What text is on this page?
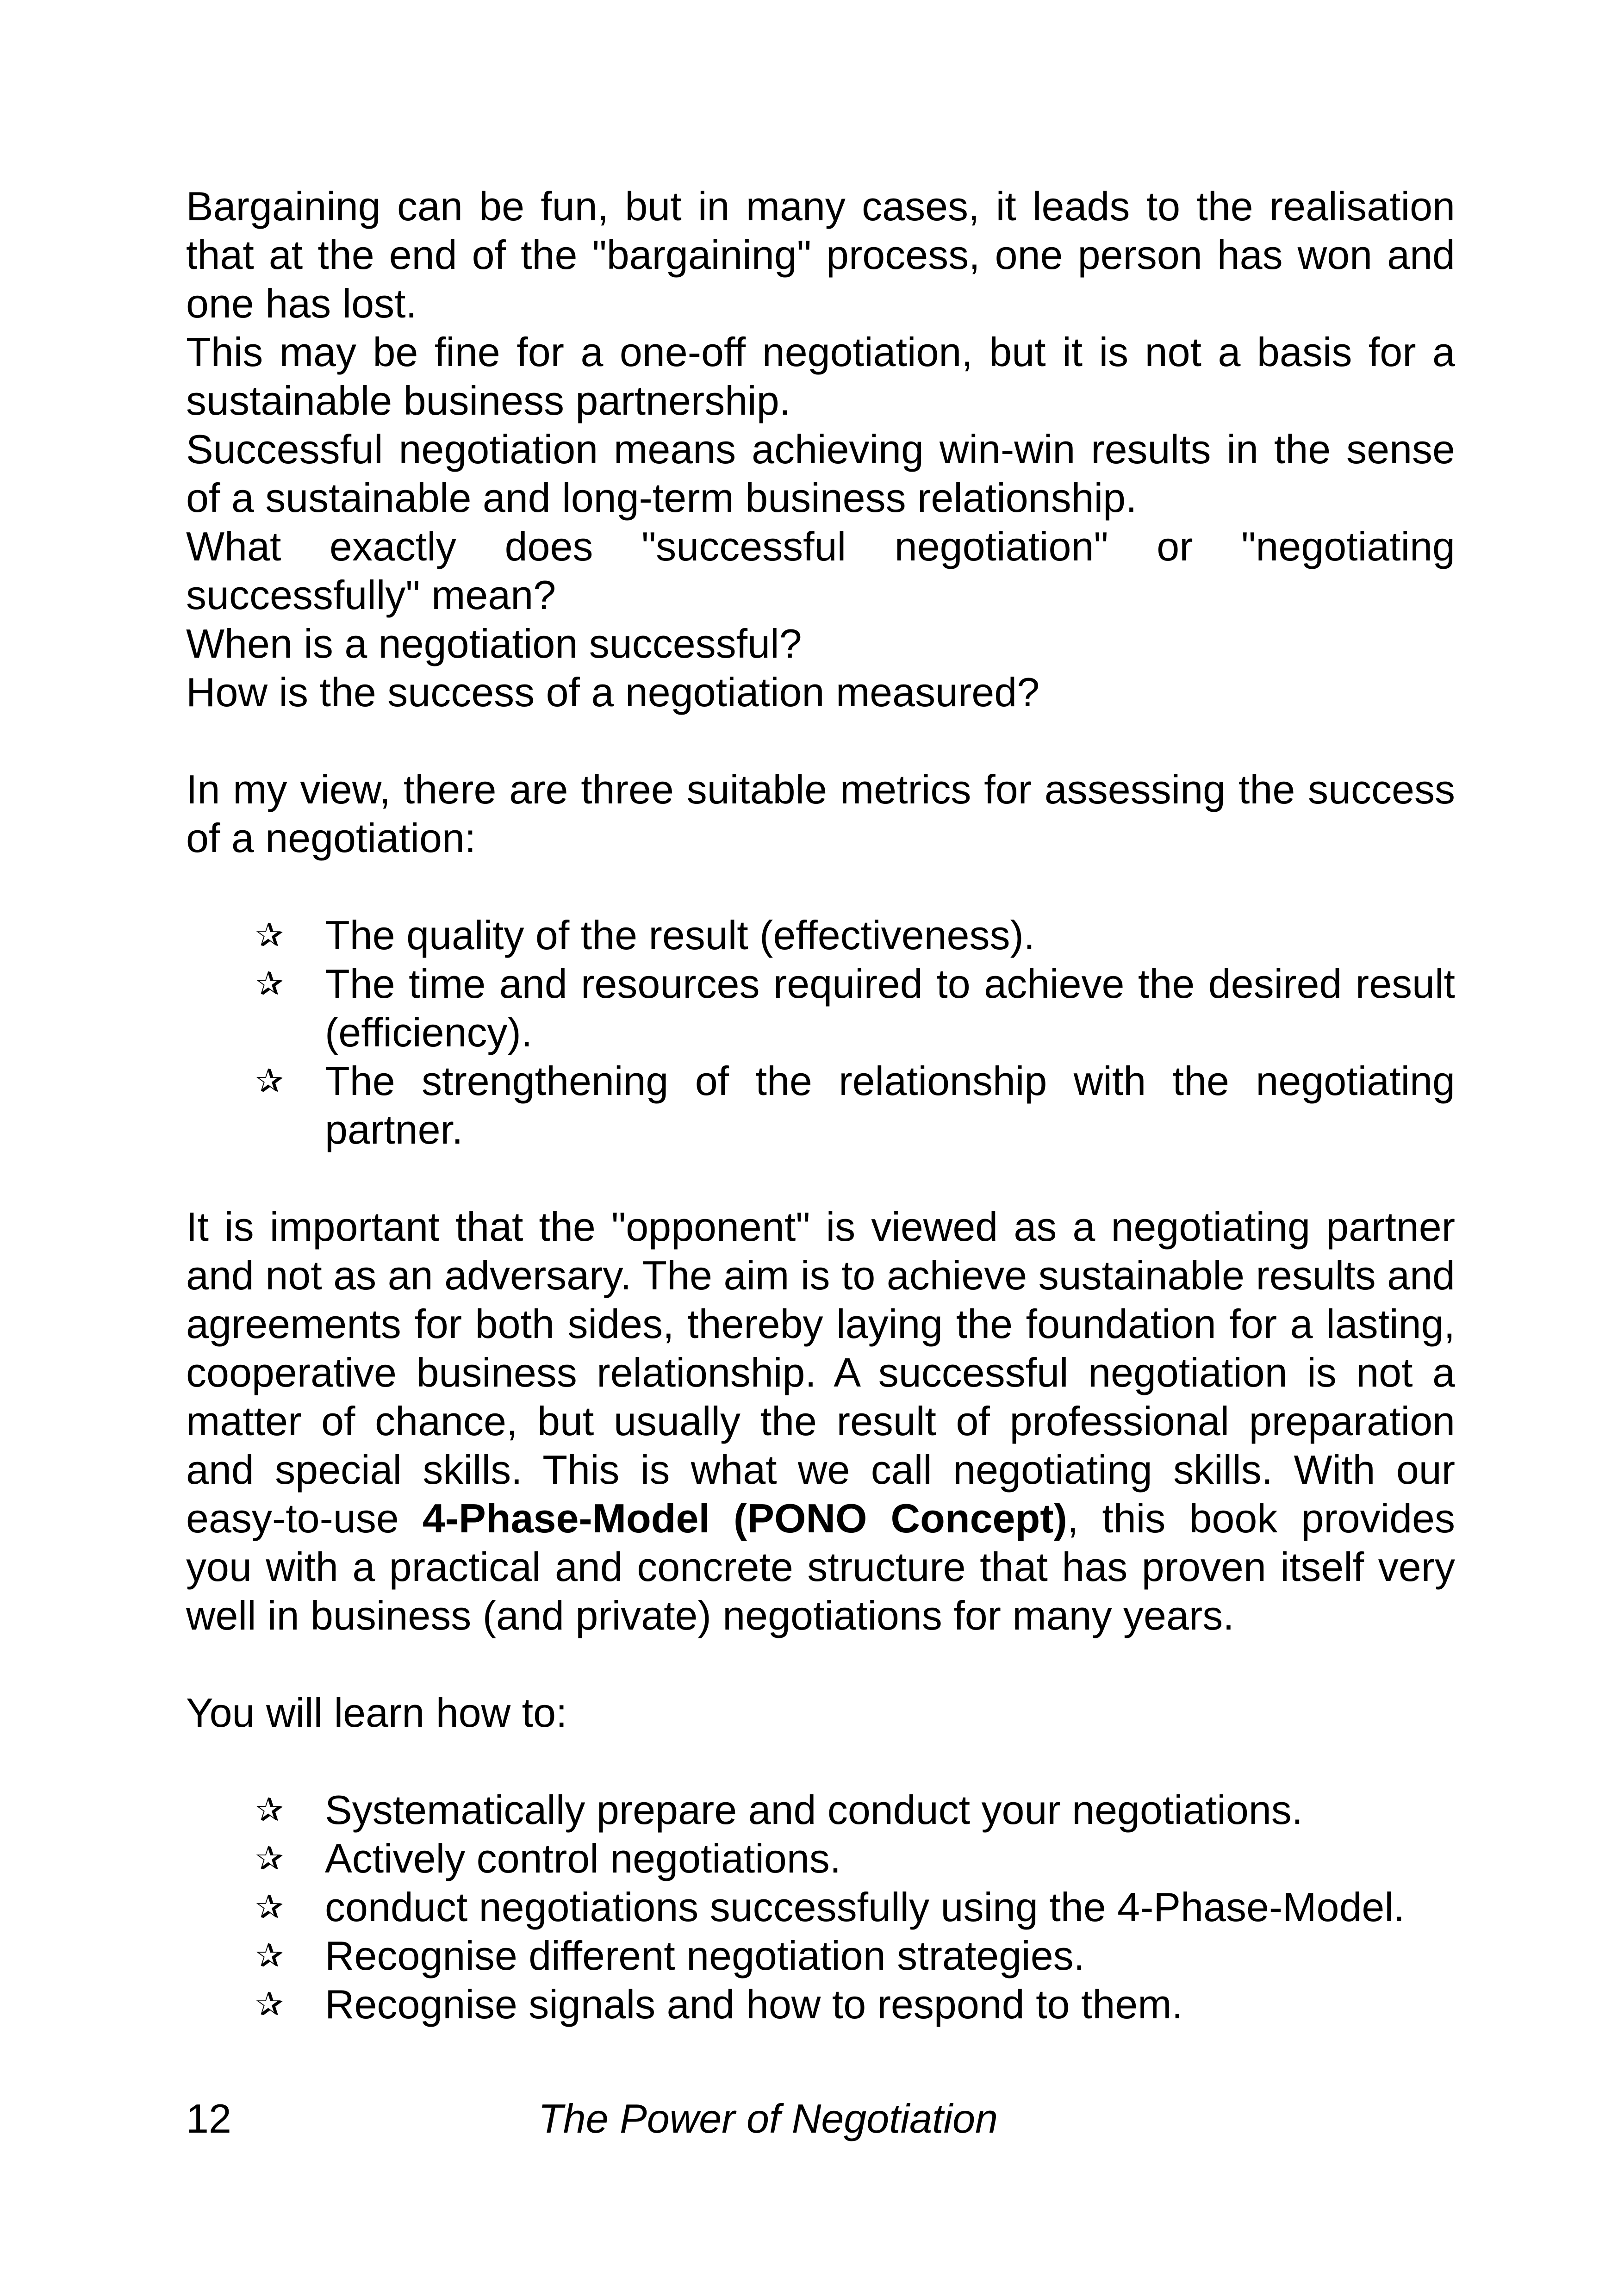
Bargaining can be fun, but in many cases, it leads to the realisation that at the end of the "bargaining" process, one person has won and one has lost.

This may be fine for a one-off negotiation, but it is not a basis for a sustainable business partnership.

Successful negotiation means achieving win-win results in the sense of a sustainable and long-term business relationship.

What exactly does "successful negotiation" or "negotiating successfully" mean?

When is a negotiation successful?

How is the success of a negotiation measured?

In my view, there are three suitable metrics for assessing the success of a negotiation:

✰ The quality of the result (effectiveness).
✰ The time and resources required to achieve the desired result (efficiency).
✰ The strengthening of the relationship with the negotiating partner.

It is important that the "opponent" is viewed as a negotiating partner and not as an adversary. The aim is to achieve sustainable results and agreements for both sides, thereby laying the foundation for a lasting, cooperative business relationship. A successful negotiation is not a matter of chance, but usually the result of professional preparation and special skills. This is what we call negotiating skills. With our easy-to-use 4-Phase-Model (PONO Concept), this book provides you with a practical and concrete structure that has proven itself very well in business (and private) negotiations for many years.

You will learn how to:

✰ Systematically prepare and conduct your negotiations.
✰ Actively control negotiations.
✰ conduct negotiations successfully using the 4-Phase-Model.
✰ Recognise different negotiation strategies.
✰ Recognise signals and how to respond to them.
12	The Power of Negotiation
